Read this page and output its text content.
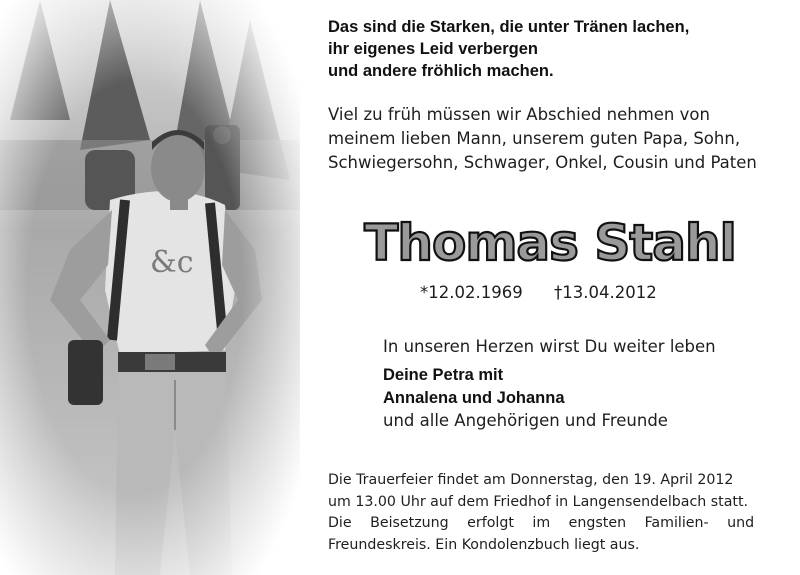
Das sind die Starken, die unter Tränen lachen,
ihr eigenes Leid verbergen
und andere fröhlich machen.
Viel zu früh müssen wir Abschied nehmen von
meinem lieben Mann, unserem guten Papa, Sohn,
Schwiegersohn, Schwager, Onkel, Cousin und Paten
Thomas Stahl
*12.02.1969 †13.04.2012
In unseren Herzen wirst Du weiter leben
Deine Petra mit
Annalena und Johanna
und alle Angehörigen und Freunde
Die Trauerfeier findet am Donnerstag, den 19. April 2012
um 13.00 Uhr auf dem Friedhof in Langensendelbach statt.
Die Beisetzung erfolgt im engsten Familien- und
Freundeskreis. Ein Kondolenzbuch liegt aus.
